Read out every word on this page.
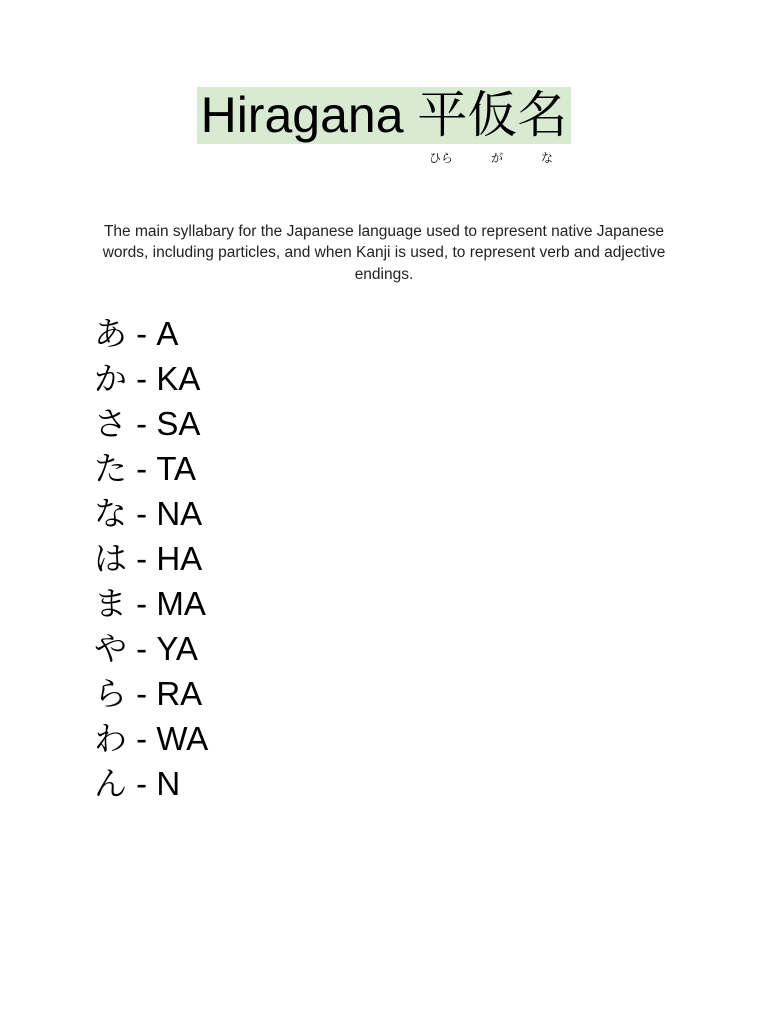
Hiragana 平仮名
ひら	が	な

The main syllabary for the Japanese language used to represent native Japanese words, including particles, and when Kanji is used, to represent verb and adjective endings.

あ - A
か - KA
さ - SA
た - TA
な - NA
は - HA
ま - MA
や - YA
ら - RA
わ - WA
ん - N
